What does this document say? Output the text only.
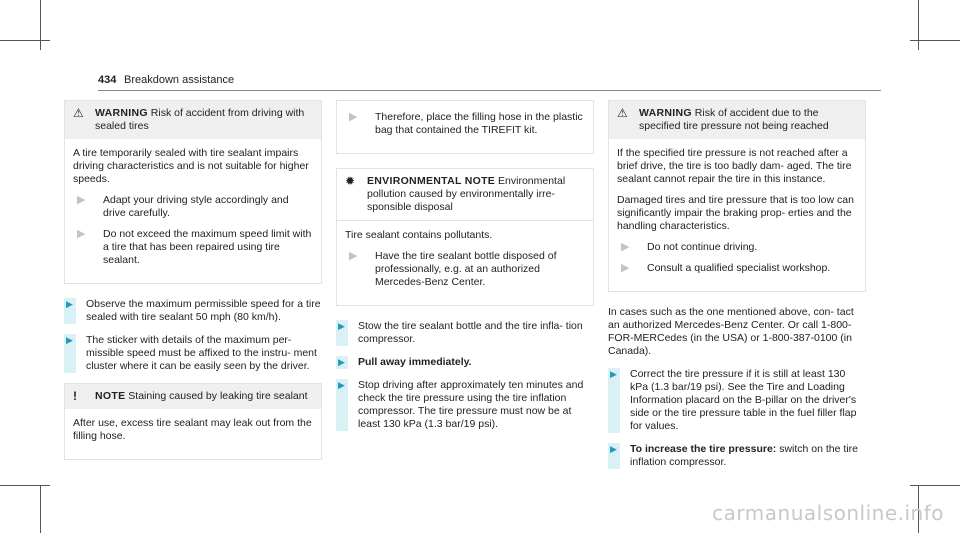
434 Breakdown assistance
⚠	WARNING Risk of accident from driving with sealed tires

A tire temporarily sealed with tire sealant impairs driving characteristics and is not suitable for higher speeds.

▶	Adapt your driving style accordingly and drive carefully.
▶	Do not exceed the maximum speed limit with a tire that has been repaired using tire sealant.
▶
Observe the maximum permissible speed for a tire sealed with tire sealant 50 mph (80 km/h).
▶
The sticker with details of the maximum per- missible speed must be affixed to the instru- ment cluster where it can be easily seen by the driver.
!	NOTE Staining caused by leaking tire sealant

After use, excess tire sealant may leak out from the filling hose.

▶	Therefore, place the filling hose in the plastic bag that contained the TIREFIT kit.
✹	ENVIRONMENTAL NOTE Environmental pollution caused by environmentally irre- sponsible disposal

Tire sealant contains pollutants.

▶	Have the tire sealant bottle disposed of professionally, e.g. at an authorized Mercedes-Benz Center.
▶
Stow the tire sealant bottle and the tire infla- tion compressor.
▶
Pull away immediately.
▶
Stop driving after approximately ten minutes and check the tire pressure using the tire inflation compressor. The tire pressure must now be at least 130 kPa (1.3 bar/19 psi).
⚠	WARNING Risk of accident due to the specified tire pressure not being reached

If the specified tire pressure is not reached after a brief drive, the tire is too badly dam- aged. The tire sealant cannot repair the tire in this instance.

Damaged tires and tire pressure that is too low can significantly impair the braking prop- erties and the handling characteristics.

▶	Do not continue driving.
▶	Consult a qualified specialist workshop.
In cases such as the one mentioned above, con- tact an authorized Mercedes-Benz Center. Or call 1-800-FOR-MERCedes (in the USA) or 1-800-387-0100 (in Canada).
▶
Correct the tire pressure if it is still at least 130 kPa (1.3 bar/19 psi). See the Tire and Loading Information placard on the B-pillar on the driver's side or the tire pressure table in the fuel filler flap for values.
▶
To increase the tire pressure: switch on the tire inflation compressor.
carmanualsonline.info
